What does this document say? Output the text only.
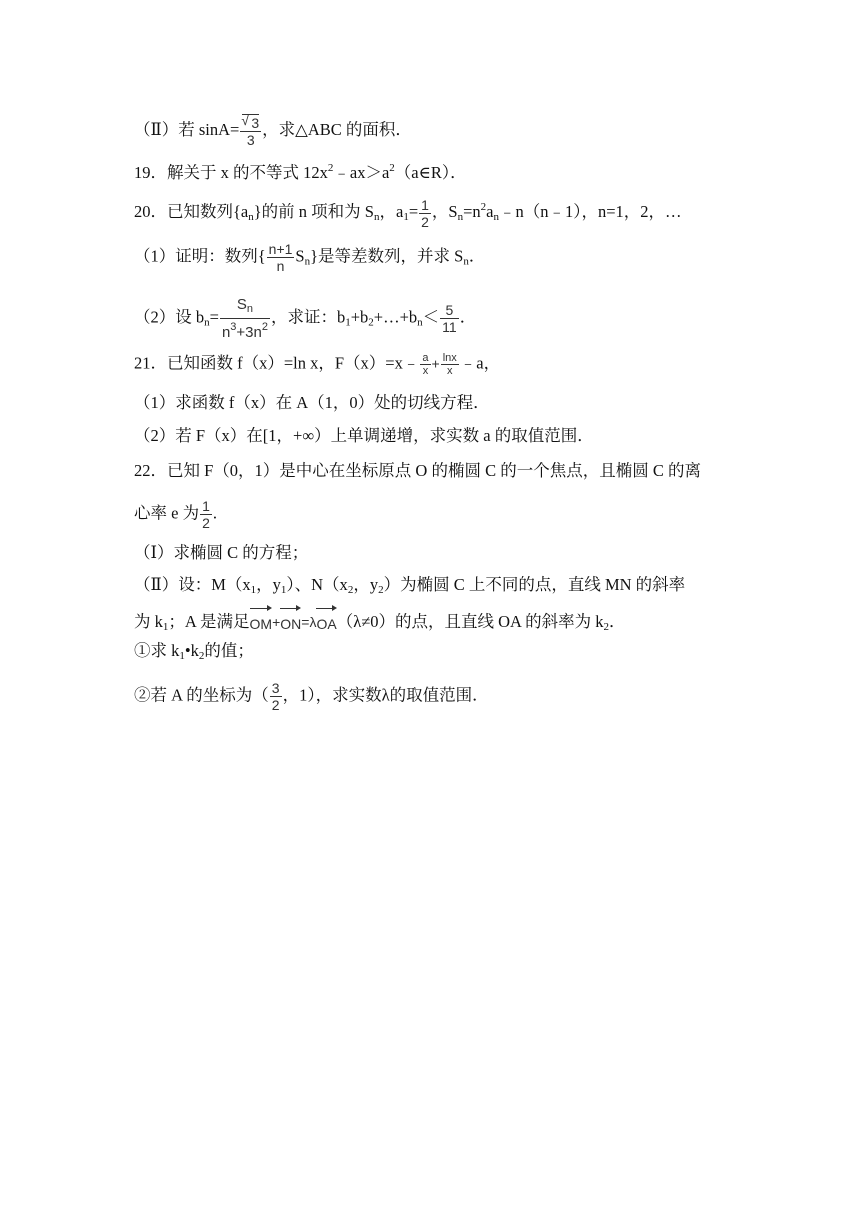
（Ⅱ）若 sinA=
√ $\frac{3}{3}$ ，求△ABC 的面积．
19．解关于 x 的不等式 $12x^2﹣ax>a^2(a\in R)$．
20．已知数列$\{a_n\}$的前 n 项和为 $S_n$，$a_1= \frac{1}{2}$ ，$S_n=n^2a_n﹣n(n﹣1)$，n=1，2，…
（1）证明：数列{ $\frac{n+1}{n} S_n$}是等差数列，并求 $S_n$．
（2）设 $b_n= \frac{S_n}{n^3+3n^2}$ ，求证：$b_1+b_2+\dots+b_n< \frac{5}{11}$ ．
21．已知函数 f（x）=ln x，F（x）=x﹣ $\frac{a}{x} + \frac{\ln x}{x}$ ﹣a，
（1）求函数 f（x）在 A（1，0）处的切线方程．
（2）若 F（x）在[1，+∞）上单调递增，求实数 a 的取值范围．
22．已知 F（0，1）是中心在坐标原点 O 的椭圆 C 的一个焦点，且椭圆 C 的离
心率 e 为 $\frac{1}{2}$ .
（Ⅰ）求椭圆 C 的方程；
（Ⅱ）设：$M(x_1$，$y_1$）、$N(x_2$，$y_2$）为椭圆 C 上不同的点，直线 MN 的斜率
为 $k_1$；A 是满足OM+ON=λOA（λ≠0）的点，且直线 OA 的斜率为 $k_2$．
①求 $k_1•k_2$的值；
②若 A 的坐标为（ $\frac{3}{2}$ ，1），求实数λ的取值范围．
